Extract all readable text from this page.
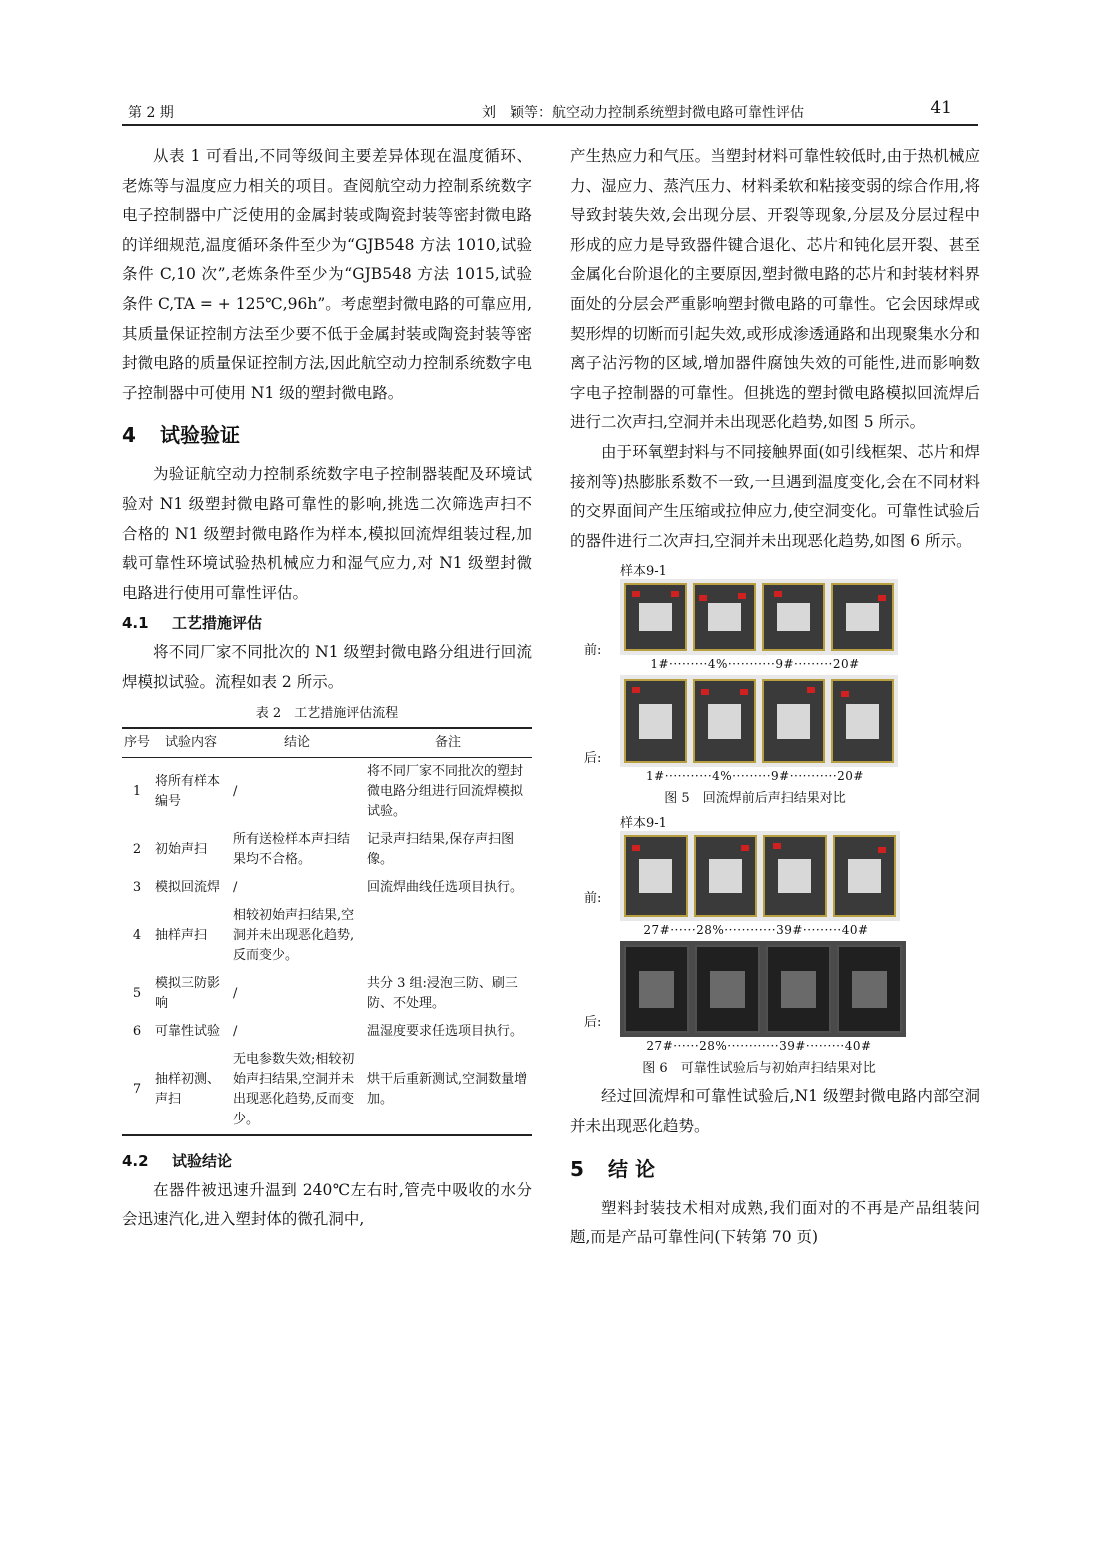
第 2 期	刘　颖等：航空动力控制系统塑封微电路可靠性评估	41

从表 1 可看出,不同等级间主要差异体现在温度循环、老炼等与温度应力相关的项目。查阅航空动力控制系统数字电子控制器中广泛使用的金属封装或陶瓷封装等密封微电路的详细规范,温度循环条件至少为“GJB548 方法 1010,试验条件 C,10 次”,老炼条件至少为“GJB548 方法 1015,试验条件 C,TA = + 125℃,96h”。考虑塑封微电路的可靠应用,其质量保证控制方法至少要不低于金属封装或陶瓷封装等密封微电路的质量保证控制方法,因此航空动力控制系统数字电子控制器中可使用 N1 级的塑封微电路。

4 试验验证

为验证航空动力控制系统数字电子控制器装配及环境试验对 N1 级塑封微电路可靠性的影响,挑选二次筛选声扫不合格的 N1 级塑封微电路作为样本,模拟回流焊组装过程,加载可靠性环境试验热机械应力和湿气应力,对 N1 级塑封微电路进行使用可靠性评估。

4.1 工艺措施评估

将不同厂家不同批次的 N1 级塑封微电路分组进行回流焊模拟试验。流程如表 2 所示。

表 2　工艺措施评估流程
序号	试验内容	结论	备注
1	将所有样本编号	/	将不同厂家不同批次的塑封微电路分组进行回流焊模拟试验。
2	初始声扫	所有送检样本声扫结果均不合格。	记录声扫结果,保存声扫图像。
3	模拟回流焊	/	回流焊曲线任选项目执行。
4	抽样声扫	相较初始声扫结果,空洞并未出现恶化趋势,反而变少。	
5	模拟三防影响	/	共分 3 组:浸泡三防、刷三防、不处理。
6	可靠性试验	/	温湿度要求任选项目执行。
7	抽样初测、声扫	无电参数失效;相较初始声扫结果,空洞并未出现恶化趋势,反而变少。	烘干后重新测试,空洞数量增加。
4.2 试验结论

在器件被迅速升温到 240℃左右时,管壳中吸收的水分会迅速汽化,进入塑封体的微孔洞中,

产生热应力和气压。当塑封材料可靠性较低时,由于热机械应力、湿应力、蒸汽压力、材料柔软和粘接变弱的综合作用,将导致封装失效,会出现分层、开裂等现象,分层及分层过程中形成的应力是导致器件键合退化、芯片和钝化层开裂、甚至金属化台阶退化的主要原因,塑封微电路的芯片和封装材料界面处的分层会严重影响塑封微电路的可靠性。它会因球焊或契形焊的切断而引起失效,或形成渗透通路和出现聚集水分和离子沾污物的区域,增加器件腐蚀失效的可能性,进而影响数字电子控制器的可靠性。但挑选的塑封微电路模拟回流焊后进行二次声扫,空洞并未出现恶化趋势,如图 5 所示。

由于环氧塑封料与不同接触界面(如引线框架、芯片和焊接剂等)热膨胀系数不一致,一旦遇到温度变化,会在不同材料的交界面间产生压缩或拉伸应力,使空洞变化。可靠性试验后的器件进行二次声扫,空洞并未出现恶化趋势,如图 6 所示。

样本9-1
前:
1#·········4%···········9#·········20#
后:
1#···········4%·········9#···········20#
图 5　回流焊前后声扫结果对比
样本9-1
前:
27#······28%············39#·········40#
后:
27#······28%············39#·········40#
图 6　可靠性试验后与初始声扫结果对比

经过回流焊和可靠性试验后,N1 级塑封微电路内部空洞并未出现恶化趋势。

5 结 论

塑料封装技术相对成熟,我们面对的不再是产品组装问题,而是产品可靠性问(下转第 70 页)
